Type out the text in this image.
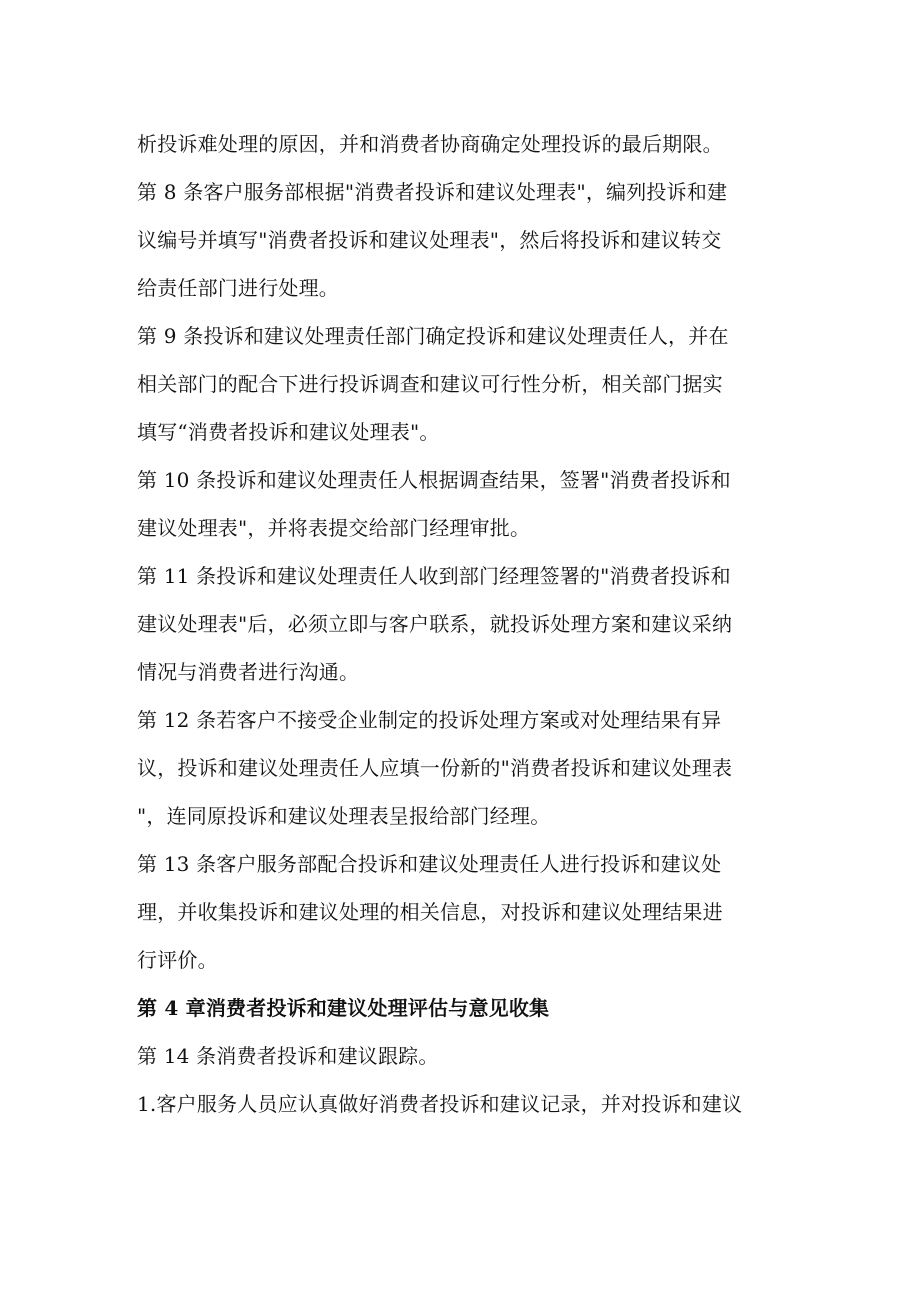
析投诉难处理的原因，并和消费者协商确定处理投诉的最后期限。
第 8 条客户服务部根据"消费者投诉和建议处理表"，编列投诉和建
议编号并填写"消费者投诉和建议处理表"，然后将投诉和建议转交
给责任部门进行处理。
第 9 条投诉和建议处理责任部门确定投诉和建议处理责任人，并在
相关部门的配合下进行投诉调查和建议可行性分析，相关部门据实
填写“消费者投诉和建议处理表"。
第 10 条投诉和建议处理责任人根据调查结果，签署"消费者投诉和
建议处理表"，并将表提交给部门经理审批。
第 11 条投诉和建议处理责任人收到部门经理签署的"消费者投诉和
建议处理表"后，必须立即与客户联系，就投诉处理方案和建议采纳
情况与消费者进行沟通。
第 12 条若客户不接受企业制定的投诉处理方案或对处理结果有异
议，投诉和建议处理责任人应填一份新的"消费者投诉和建议处理表
"，连同原投诉和建议处理表呈报给部门经理。
第 13 条客户服务部配合投诉和建议处理责任人进行投诉和建议处
理，并收集投诉和建议处理的相关信息，对投诉和建议处理结果进
行评价。
第 4 章消费者投诉和建议处理评估与意见收集
第 14 条消费者投诉和建议跟踪。
1.客户服务人员应认真做好消费者投诉和建议记录，并对投诉和建议
